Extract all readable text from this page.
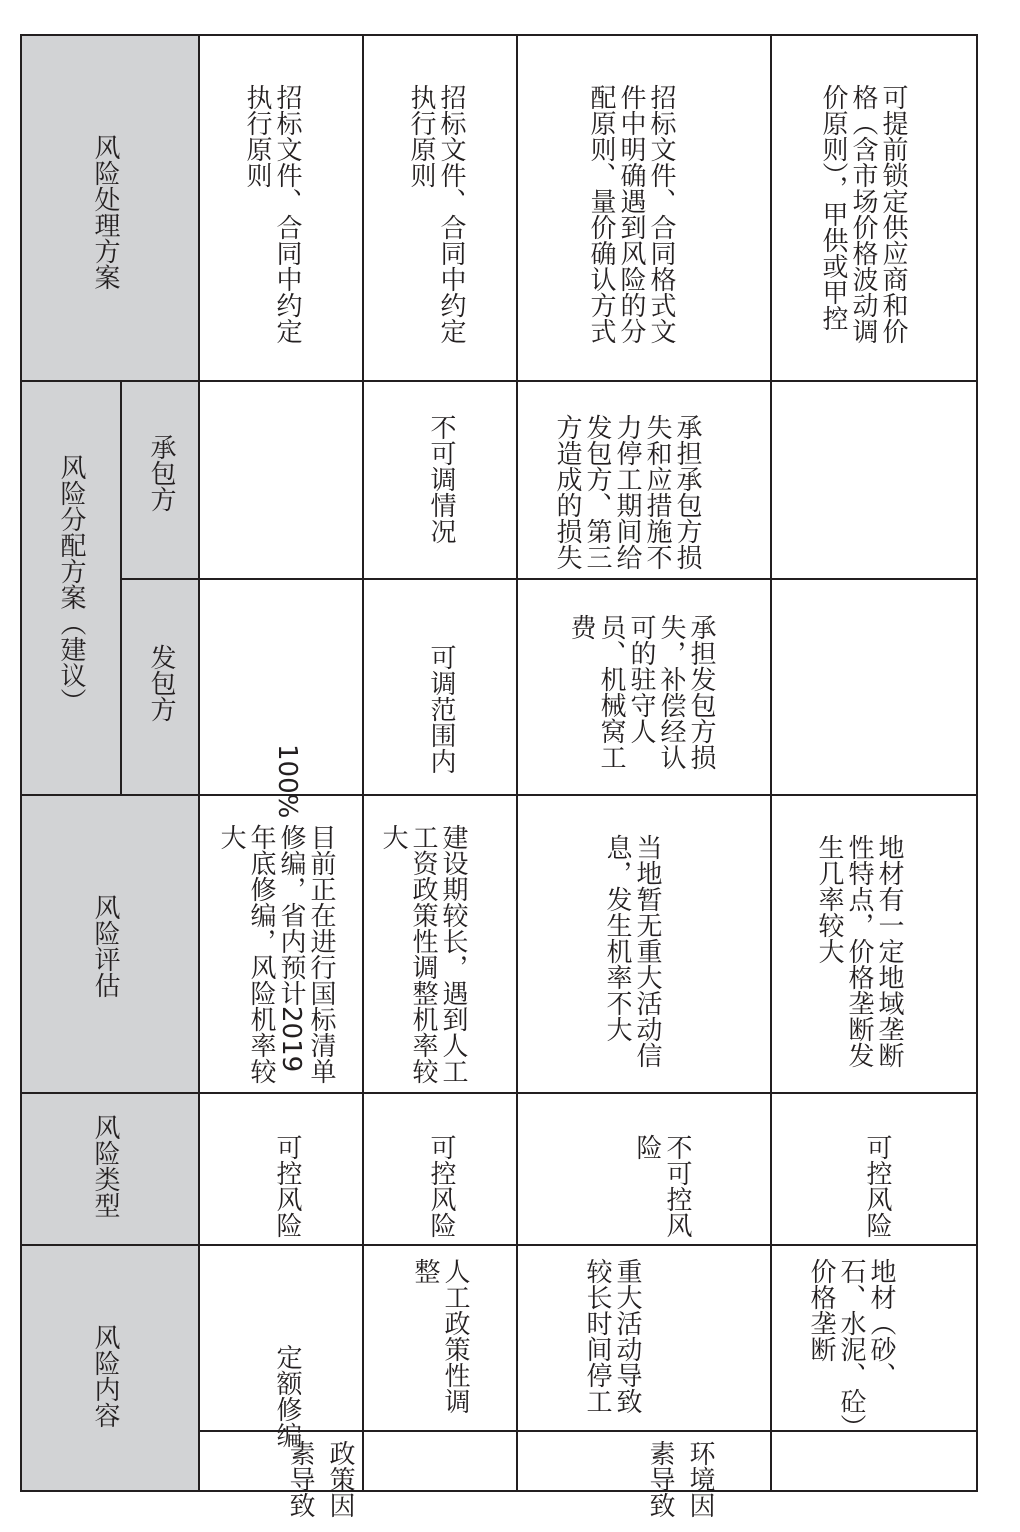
风险处理方案
风险分配方案（建议） 承包方
发包方
风险评估
风险类型
风险内容
政策因素导致	环境因素导致
招标文件、合同中约定执行原则
100%
目前正在进行国标清单修编，省内预计2019年底修编，风险机率较大
可控风险
定额修编
招标文件、合同中约定执行原则
不可调情况
可调范围内
建设期较长，遇到人工工资政策性调整机率较大
可控风险
人工政策性调整
招标文件、合同格式文件中明确遇到风险的分配原则、量价确认方式
承担承包方损失和应措施不力停工期间给发包方、第三方造成的损失
承担发包方损失，补偿经认可的驻守人员、机械窝工费
当地暂无重大活动信息，发生机率不大
不可控风险
重大活动导致较长时间停工
可提前锁定供应商和价格（含市场价格波动调价原则），甲供或甲控
地材有一定地域垄断性特点，价格垄断发生几率较大
可控风险
地材（砂、石、水泥、砼）价格垄断
